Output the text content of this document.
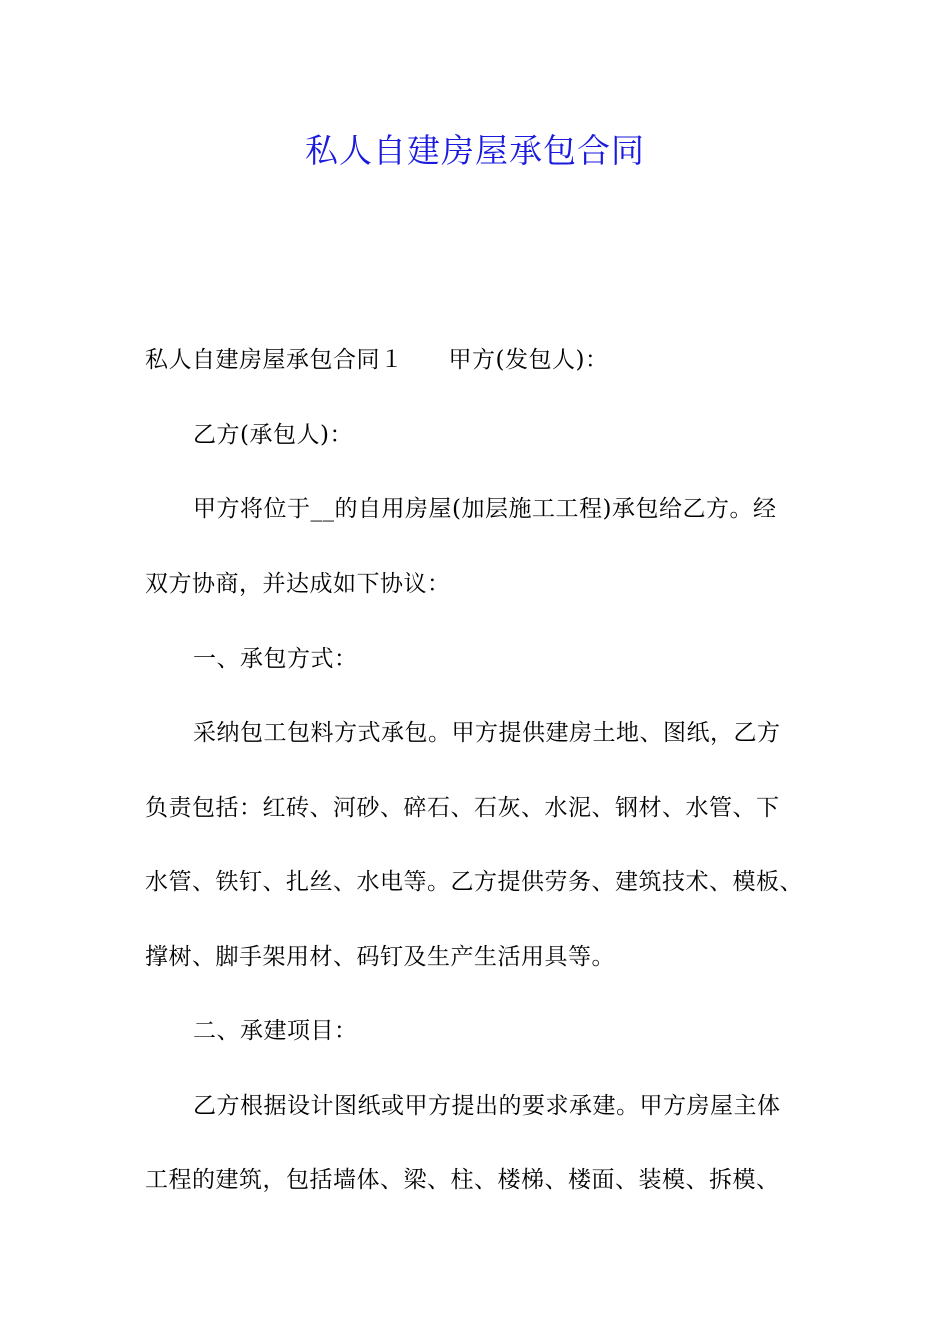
私人自建房屋承包合同
私人自建房屋承包合同１ 甲方(发包人)：
乙方(承包人)：
甲方将位于__的自用房屋(加层施工工程)承包给乙方。经
双方协商，并达成如下协议：
一、承包方式：
采纳包工包料方式承包。甲方提供建房土地、图纸，乙方
负责包括：红砖、河砂、碎石、石灰、水泥、钢材、水管、下
水管、铁钉、扎丝、水电等。乙方提供劳务、建筑技术、模板、
撑树、脚手架用材、码钉及生产生活用具等。
二、承建项目：
乙方根据设计图纸或甲方提出的要求承建。甲方房屋主体
工程的建筑，包括墙体、梁、柱、楼梯、楼面、装模、拆模、
